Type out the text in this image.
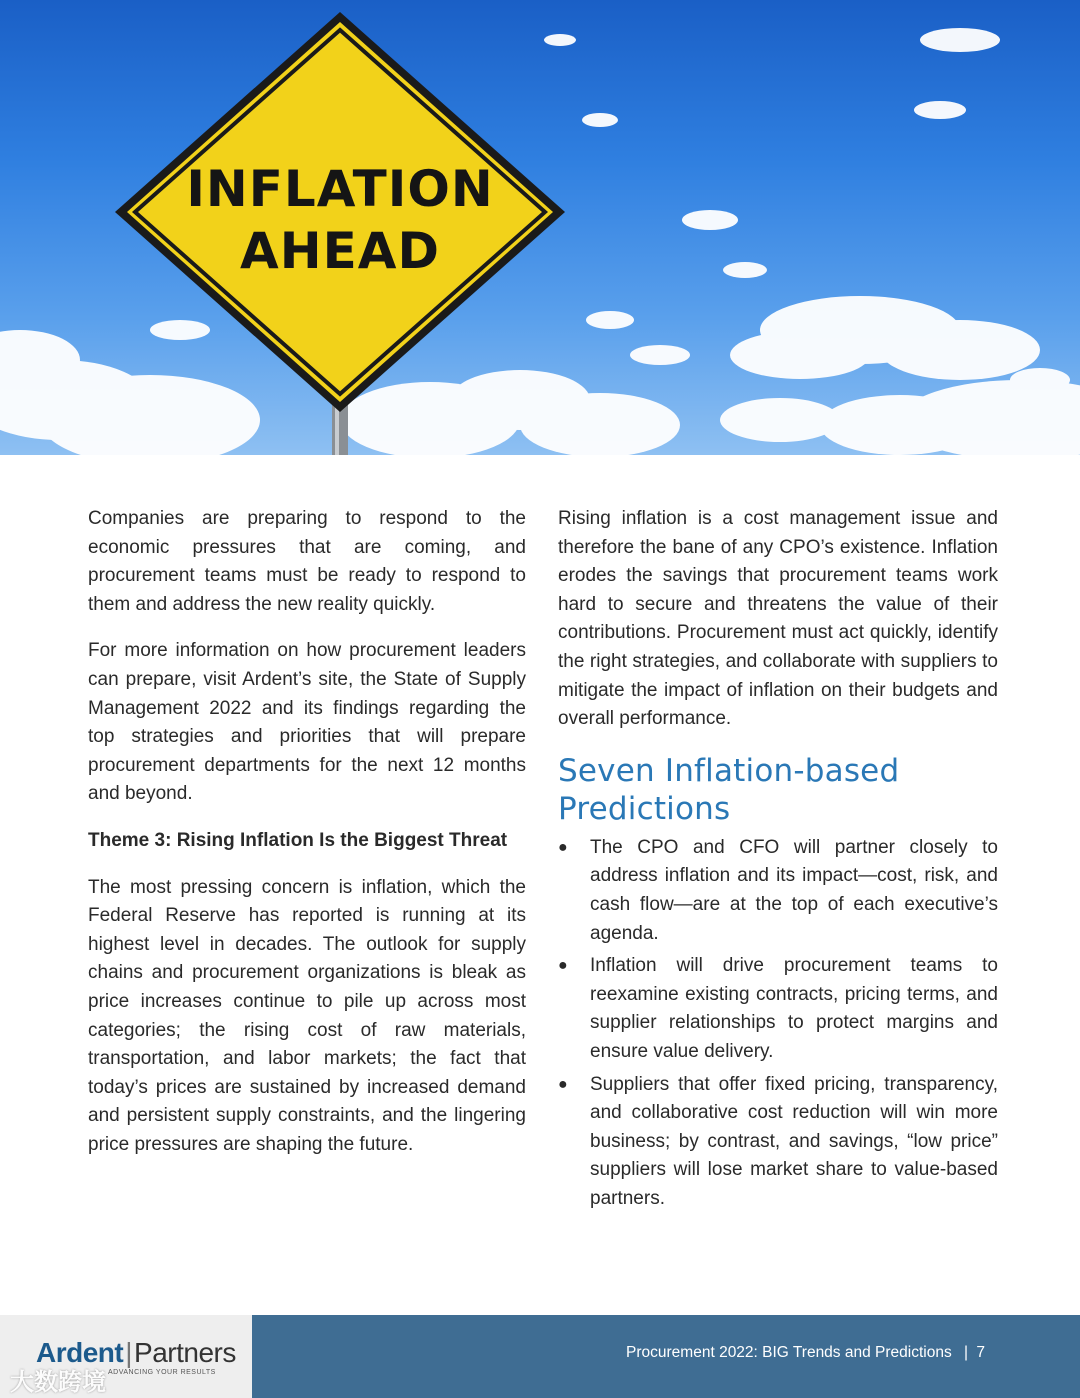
INFLATION
AHEAD

Companies are preparing to respond to the economic pressures that are coming, and procurement teams must be ready to respond to them and address the new reality quickly.

For more information on how procurement leaders can prepare, visit Ardent’s site, the State of Supply Management 2022 and its findings regarding the top strategies and priorities that will prepare procurement departments for the next 12 months and beyond.

Theme 3: Rising Inflation Is the Biggest Threat

The most pressing concern is inflation, which the Federal Reserve has reported is running at its highest level in decades. The outlook for supply chains and procurement organizations is bleak as price increases continue to pile up across most categories; the rising cost of raw materials, transportation, and labor markets; the fact that today’s prices are sustained by increased demand and persistent supply constraints, and the lingering price pressures are shaping the future.

Rising inflation is a cost management issue and therefore the bane of any CPO’s existence. Inflation erodes the savings that procurement teams work hard to secure and threatens the value of their contributions. Procurement must act quickly, identify the right strategies, and collaborate with suppliers to mitigate the impact of inflation on their budgets and overall performance.

Seven Inflation-based Predictions
● The CPO and CFO will partner closely to address inflation and its impact—cost, risk, and cash flow—are at the top of each executive’s agenda.
● Inflation will drive procurement teams to reexamine existing contracts, pricing terms, and supplier relationships to protect margins and ensure value delivery.
● Suppliers that offer fixed pricing, transparency, and collaborative cost reduction will win more business; by contrast, and savings, “low price” suppliers will lose market share to value-based partners.
Ardent|Partners
ADVANCING YOUR RESULTS
大数跨境
Procurement 2022: BIG Trends and Predictions | 7
